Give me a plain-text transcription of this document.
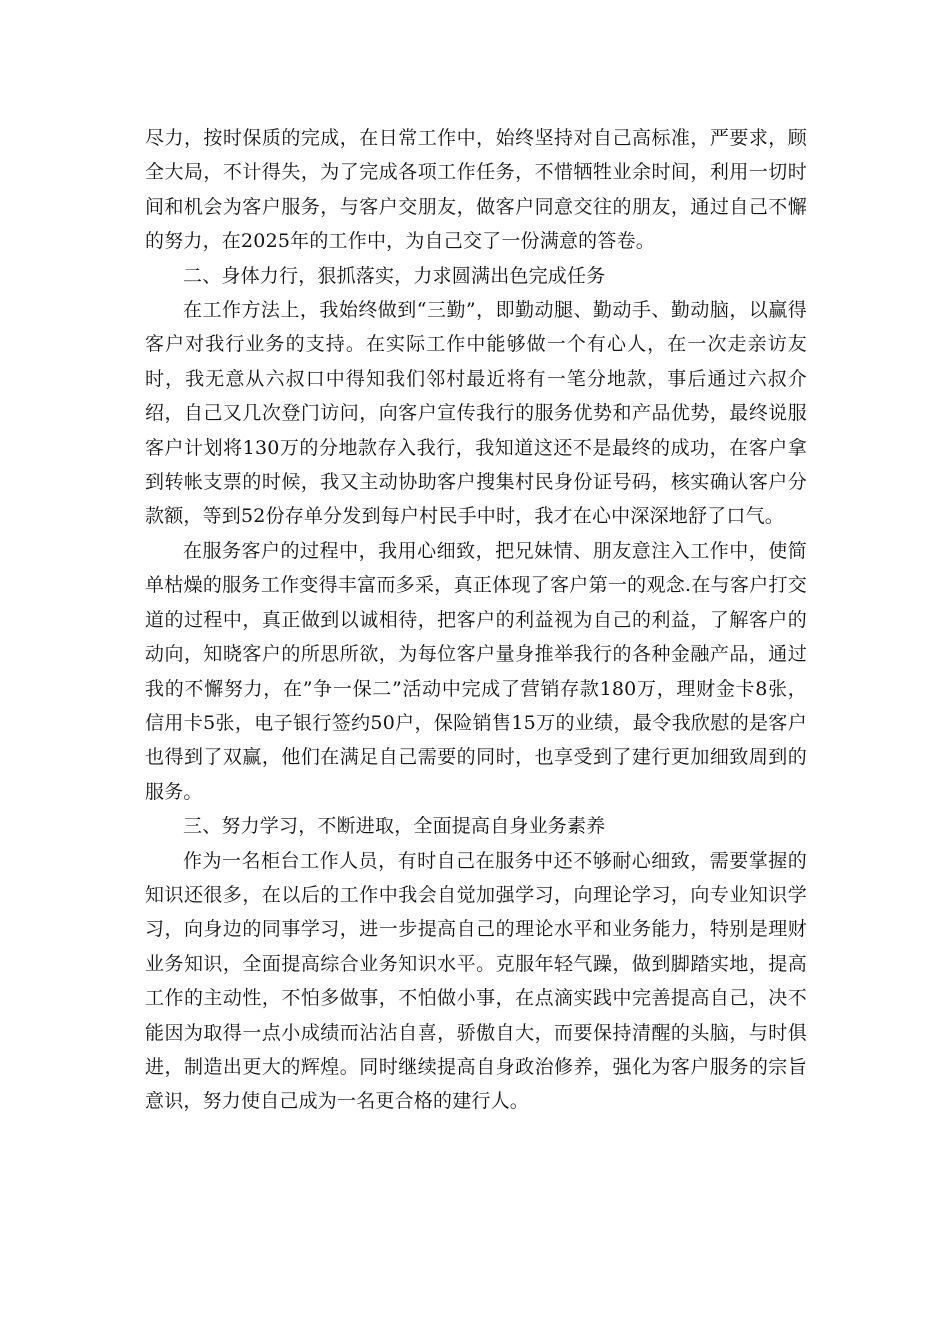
尽力，按时保质的完成，在日常工作中，始终坚持对自己高标准，严要求，顾全大局，不计得失，为了完成各项工作任务，不惜牺牲业余时间，利用一切时间和机会为客户服务，与客户交朋友，做客户同意交往的朋友，通过自己不懈的努力，在2025年的工作中，为自己交了一份满意的答卷。

二、身体力行，狠抓落实，力求圆满出色完成任务

在工作方法上，我始终做到“三勤”，即勤动腿、勤动手、勤动脑，以赢得客户对我行业务的支持。在实际工作中能够做一个有心人，在一次走亲访友时，我无意从六叔口中得知我们邻村最近将有一笔分地款，事后通过六叔介绍，自己又几次登门访问，向客户宣传我行的服务优势和产品优势，最终说服客户计划将130万的分地款存入我行，我知道这还不是最终的成功，在客户拿到转帐支票的时候，我又主动协助客户搜集村民身份证号码，核实确认客户分款额，等到52份存单分发到每户村民手中时，我才在心中深深地舒了口气。

在服务客户的过程中，我用心细致，把兄妹情、朋友意注入工作中，使简单枯燥的服务工作变得丰富而多采，真正体现了客户第一的观念.在与客户打交道的过程中，真正做到以诚相待，把客户的利益视为自己的利益，了解客户的动向，知晓客户的所思所欲，为每位客户量身推举我行的各种金融产品，通过我的不懈努力，在”争一保二”活动中完成了营销存款180万，理财金卡8张，信用卡5张，电子银行签约50户，保险销售15万的业绩，最令我欣慰的是客户也得到了双赢，他们在满足自己需要的同时，也享受到了建行更加细致周到的服务。

三、努力学习，不断进取，全面提高自身业务素养

作为一名柜台工作人员，有时自己在服务中还不够耐心细致，需要掌握的知识还很多，在以后的工作中我会自觉加强学习，向理论学习，向专业知识学习，向身边的同事学习，进一步提高自己的理论水平和业务能力，特别是理财业务知识，全面提高综合业务知识水平。克服年轻气躁，做到脚踏实地，提高工作的主动性，不怕多做事，不怕做小事，在点滴实践中完善提高自己，决不能因为取得一点小成绩而沾沾自喜，骄傲自大，而要保持清醒的头脑，与时俱进，制造出更大的辉煌。同时继续提高自身政治修养，强化为客户服务的宗旨意识，努力使自己成为一名更合格的建行人。
